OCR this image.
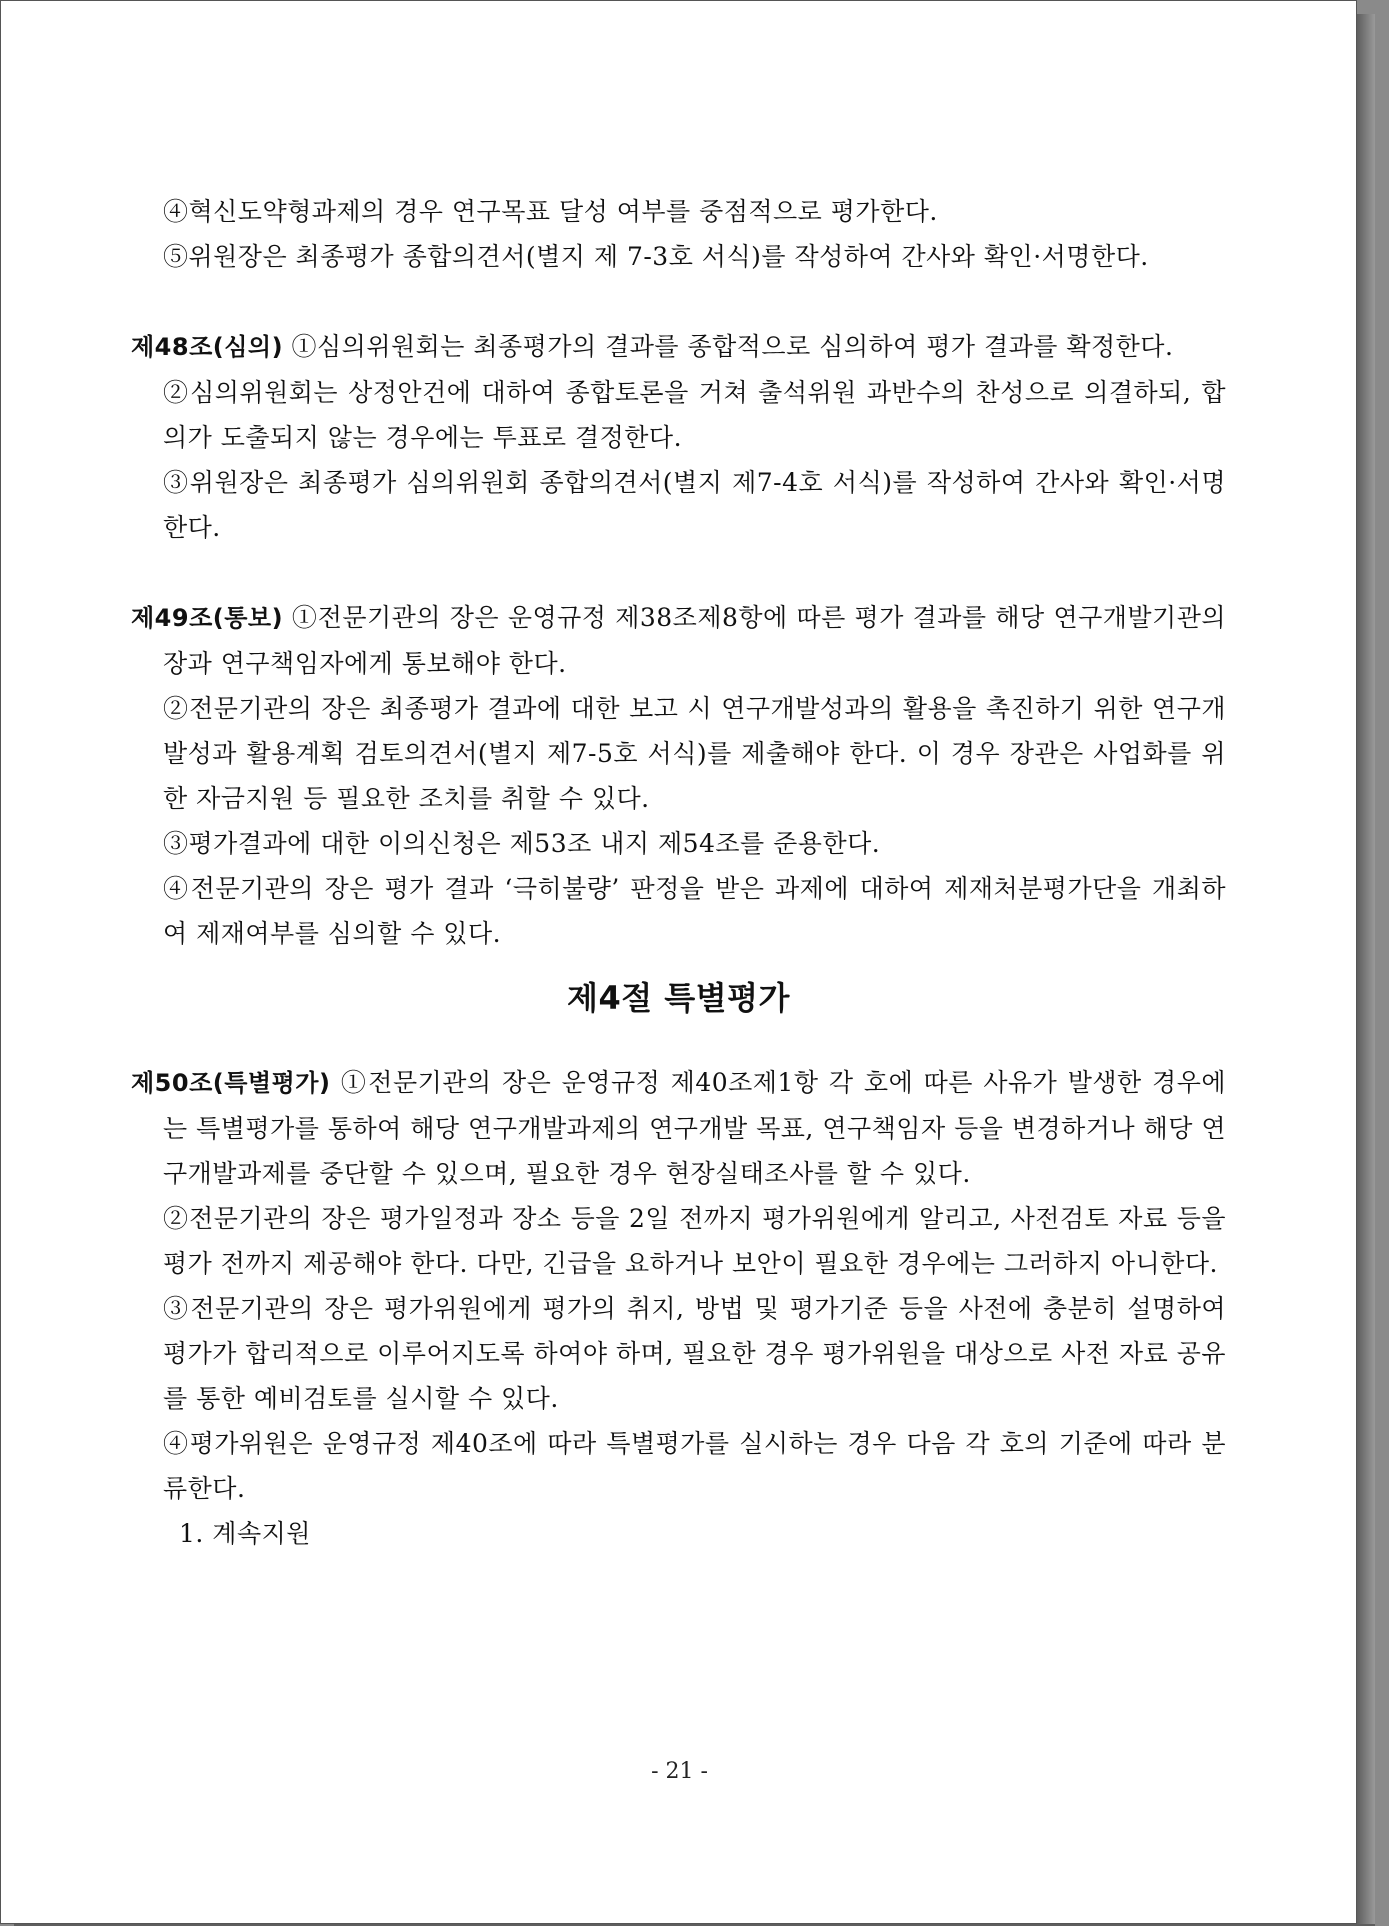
④혁신도약형과제의 경우 연구목표 달성 여부를 중점적으로 평가한다.

⑤위원장은 최종평가 종합의견서(별지 제 7-3호 서식)를 작성하여 간사와 확인·서명한다.

제48조(심의) ①심의위원회는 최종평가의 결과를 종합적으로 심의하여 평가 결과를 확정한다.

②심의위원회는 상정안건에 대하여 종합토론을 거쳐 출석위원 과반수의 찬성으로 의결하되, 합의가 도출되지 않는 경우에는 투표로 결정한다.

③위원장은 최종평가 심의위원회 종합의견서(별지 제7-4호 서식)를 작성하여 간사와 확인·서명한다.

제49조(통보) ①전문기관의 장은 운영규정 제38조제8항에 따른 평가 결과를 해당 연구개발기관의 장과 연구책임자에게 통보해야 한다.

②전문기관의 장은 최종평가 결과에 대한 보고 시 연구개발성과의 활용을 촉진하기 위한 연구개발성과 활용계획 검토의견서(별지 제7-5호 서식)를 제출해야 한다. 이 경우 장관은 사업화를 위한 자금지원 등 필요한 조치를 취할 수 있다.

③평가결과에 대한 이의신청은 제53조 내지 제54조를 준용한다.

④전문기관의 장은 평가 결과 ‘극히불량’ 판정을 받은 과제에 대하여 제재처분평가단을 개최하여 제재여부를 심의할 수 있다.

제4절 특별평가

제50조(특별평가) ①전문기관의 장은 운영규정 제40조제1항 각 호에 따른 사유가 발생한 경우에는 특별평가를 통하여 해당 연구개발과제의 연구개발 목표, 연구책임자 등을 변경하거나 해당 연구개발과제를 중단할 수 있으며, 필요한 경우 현장실태조사를 할 수 있다.

②전문기관의 장은 평가일정과 장소 등을 2일 전까지 평가위원에게 알리고, 사전검토 자료 등을 평가 전까지 제공해야 한다. 다만, 긴급을 요하거나 보안이 필요한 경우에는 그러하지 아니한다.

③전문기관의 장은 평가위원에게 평가의 취지, 방법 및 평가기준 등을 사전에 충분히 설명하여 평가가 합리적으로 이루어지도록 하여야 하며, 필요한 경우 평가위원을 대상으로 사전 자료 공유를 통한 예비검토를 실시할 수 있다.

④평가위원은 운영규정 제40조에 따라 특별평가를 실시하는 경우 다음 각 호의 기준에 따라 분류한다.

1. 계속지원

- 21 -
